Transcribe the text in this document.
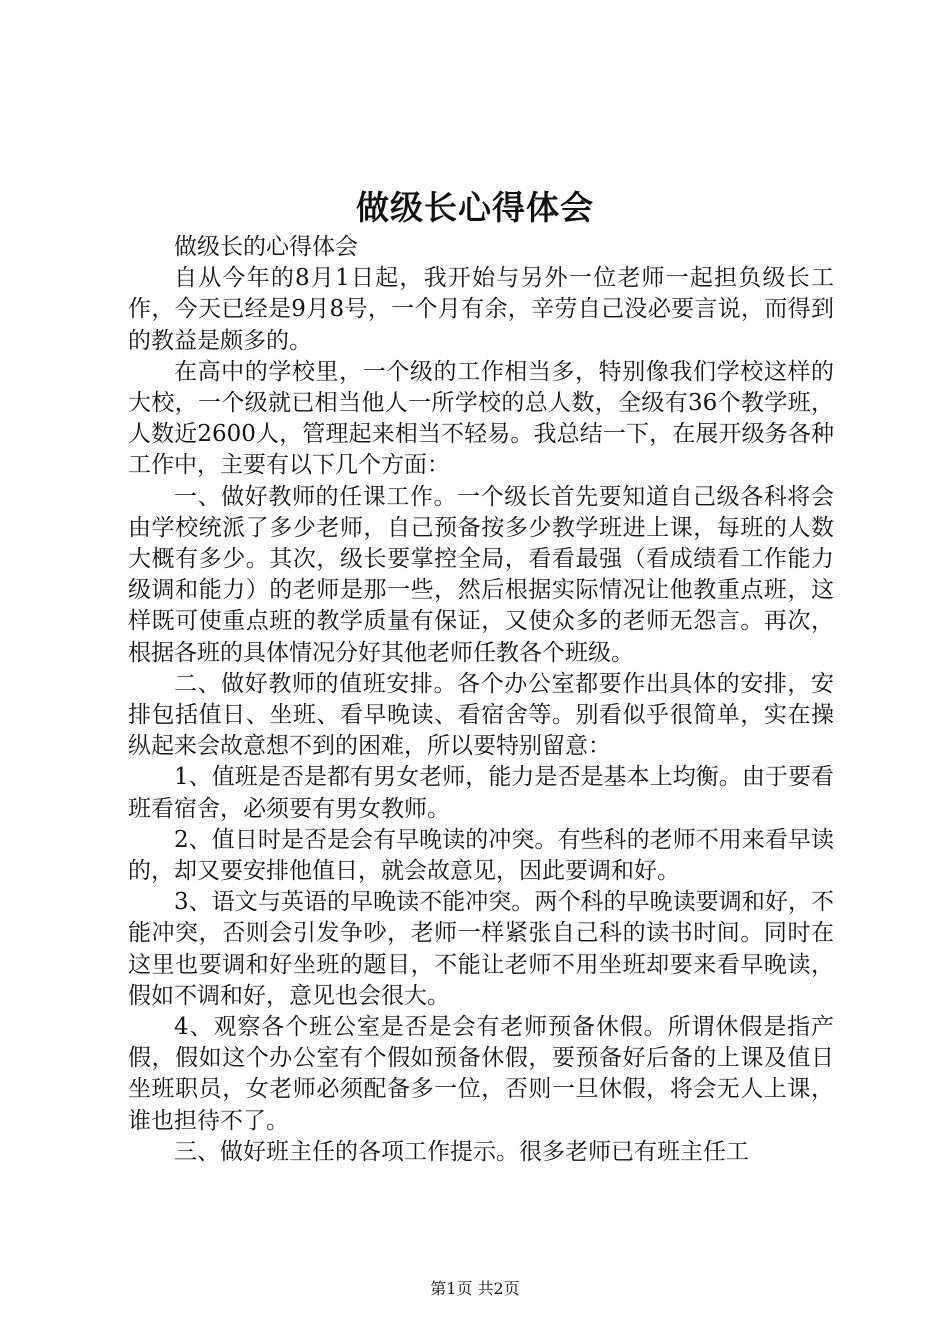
做级长心得体会

做级长的心得体会

自从今年的8月1日起，我开始与另外一位老师一起担负级长工作，今天已经是9月8号，一个月有余，辛劳自己没必要言说，而得到的教益是颇多的。

在高中的学校里，一个级的工作相当多，特别像我们学校这样的大校，一个级就已相当他人一所学校的总人数，全级有36个教学班，人数近2600人，管理起来相当不轻易。我总结一下，在展开级务各种工作中，主要有以下几个方面：

一、做好教师的任课工作。一个级长首先要知道自己级各科将会由学校统派了多少老师，自己预备按多少教学班进上课，每班的人数大概有多少。其次，级长要掌控全局，看看最强（看成绩看工作能力级调和能力）的老师是那一些，然后根据实际情况让他教重点班，这样既可使重点班的教学质量有保证，又使众多的老师无怨言。再次，根据各班的具体情况分好其他老师任教各个班级。

二、做好教师的值班安排。各个办公室都要作出具体的安排，安排包括值日、坐班、看早晚读、看宿舍等。别看似乎很简单，实在操纵起来会故意想不到的困难，所以要特别留意：

1、值班是否是都有男女老师，能力是否是基本上均衡。由于要看班看宿舍，必须要有男女教师。

2、值日时是否是会有早晚读的冲突。有些科的老师不用来看早读的，却又要安排他值日，就会故意见，因此要调和好。

3、语文与英语的早晚读不能冲突。两个科的早晚读要调和好，不能冲突，否则会引发争吵，老师一样紧张自己科的读书时间。同时在这里也要调和好坐班的题目，不能让老师不用坐班却要来看早晚读，假如不调和好，意见也会很大。

4、观察各个班公室是否是会有老师预备休假。所谓休假是指产假，假如这个办公室有个假如预备休假，要预备好后备的上课及值日坐班职员，女老师必须配备多一位，否则一旦休假，将会无人上课，谁也担待不了。

三、做好班主任的各项工作提示。很多老师已有班主任工

第1页 共2页
